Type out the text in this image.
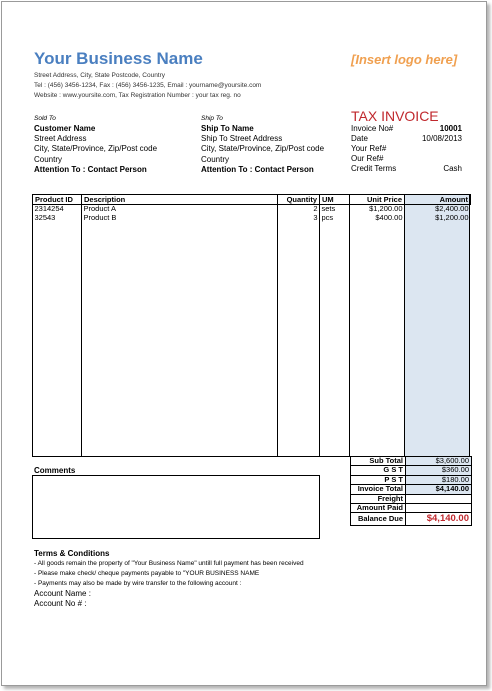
Your Business Name
Street Address, City, State Postcode, Country
Tel : (456) 3456-1234, Fax : (456) 3456-1235, Email : yourname@yoursite.com
Website : www.yoursite.com, Tax Registration Number : your tax reg. no
[Insert logo here]
Sold To
Customer Name
Street Address
City, State/Province, Zip/Post code
Country
Attention To : Contact Person
Ship To
Ship To Name
Ship To Street Address
City, State/Province, Zip/Post code
Country
Attention To : Contact Person
TAX INVOICE
Invoice No#	10001
Date	10/08/2013
Your Ref#
Our Ref#
Credit Terms	Cash
Product ID	Description	Quantity	UM	Unit Price	Amount
2314254	Product A	2	sets	$1,200.00	$2,400.00
32543	Product B	3	pcs	$400.00	$1,200.00
Sub Total	$3,600.00
G S T	$360.00
P S T	$180.00
Invoice Total	$4,140.00
Freight	
Amount Paid	
Balance Due	$4,140.00
Comments
Terms & Conditions
- All goods remain the property of "Your Business Name" untill full payment has been received
- Please make check/ cheque payments payable to "YOUR BUSINESS NAME
- Payments may also be made by wire transfer to the following account :
Account Name :
Account No # :
